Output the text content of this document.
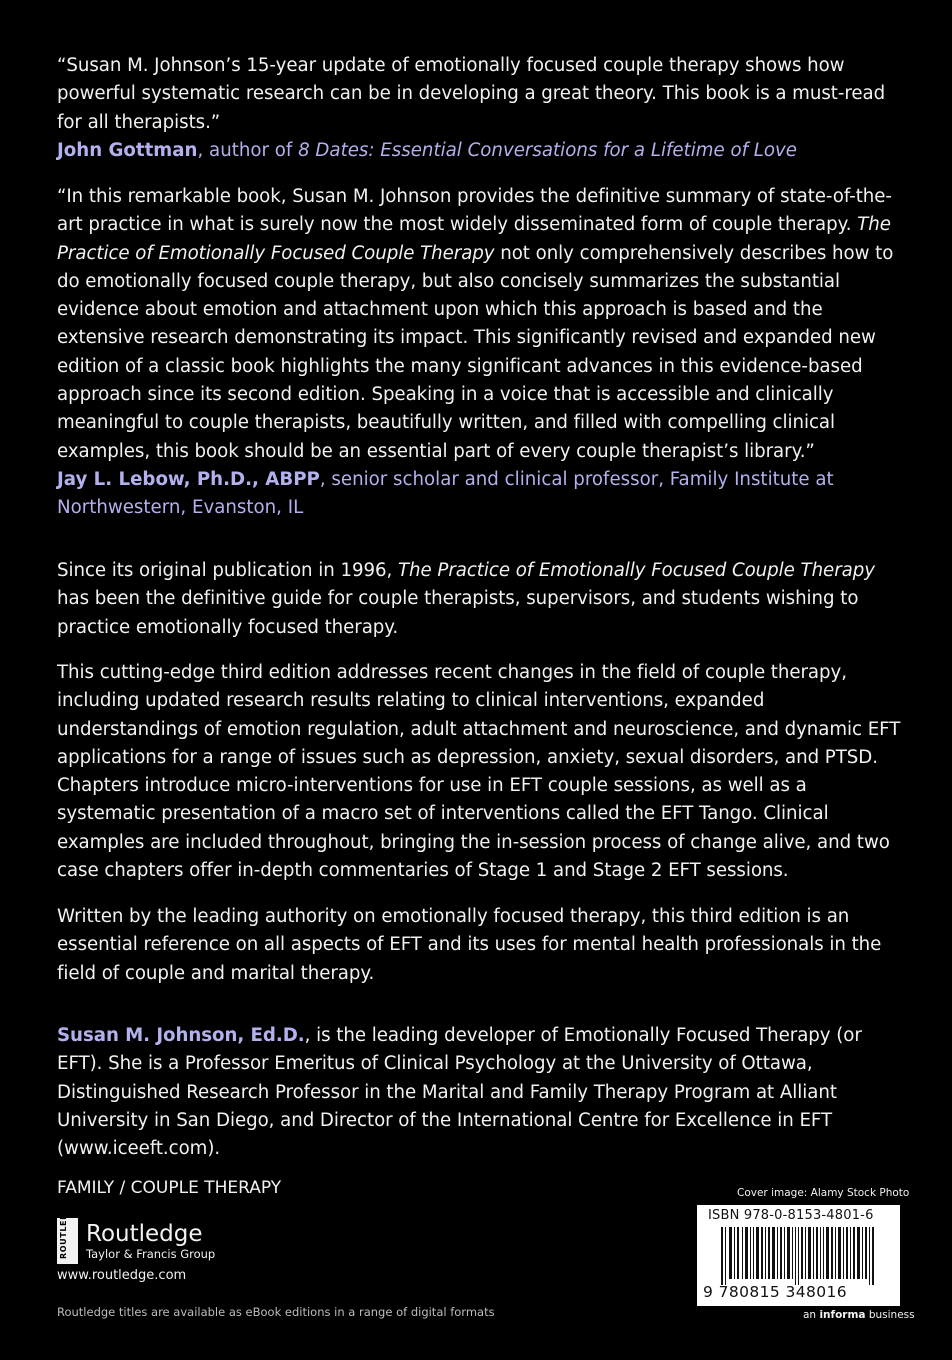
“Susan M. Johnson’s 15-year update of emotionally focused couple therapy shows how powerful systematic research can be in developing a great theory. This book is a must-read for all therapists.”

John Gottman, author of 8 Dates: Essential Conversations for a Lifetime of Love

“In this remarkable book, Susan M. Johnson provides the definitive summary of state-of-the-art practice in what is surely now the most widely disseminated form of couple therapy. The Practice of Emotionally Focused Couple Therapy not only comprehensively describes how to do emotionally focused couple therapy, but also concisely summarizes the substantial evidence about emotion and attachment upon which this approach is based and the extensive research demonstrating its impact. This significantly revised and expanded new edition of a classic book highlights the many significant advances in this evidence-based approach since its second edition. Speaking in a voice that is accessible and clinically meaningful to couple therapists, beautifully written, and filled with compelling clinical examples, this book should be an essential part of every couple therapist’s library.”

Jay L. Lebow, Ph.D., ABPP, senior scholar and clinical professor, Family Institute at Northwestern, Evanston, IL

Since its original publication in 1996, The Practice of Emotionally Focused Couple Therapy has been the definitive guide for couple therapists, supervisors, and students wishing to practice emotionally focused therapy.

This cutting-edge third edition addresses recent changes in the field of couple therapy, including updated research results relating to clinical interventions, expanded understandings of emotion regulation, adult attachment and neuroscience, and dynamic EFT applications for a range of issues such as depression, anxiety, sexual disorders, and PTSD. Chapters introduce micro-interventions for use in EFT couple sessions, as well as a systematic presentation of a macro set of interventions called the EFT Tango. Clinical examples are included throughout, bringing the in-session process of change alive, and two case chapters offer in-depth commentaries of Stage 1 and Stage 2 EFT sessions.

Written by the leading authority on emotionally focused therapy, this third edition is an essential reference on all aspects of EFT and its uses for mental health professionals in the field of couple and marital therapy.

Susan M. Johnson, Ed.D., is the leading developer of Emotionally Focused Therapy (or EFT). She is a Professor Emeritus of Clinical Psychology at the University of Ottawa, Distinguished Research Professor in the Marital and Family Therapy Program at Alliant University in San Diego, and Director of the International Centre for Excellence in EFT (www.iceeft.com).

FAMILY / COUPLE THERAPY
ROUTLEDGE Routledge
Taylor & Francis Group
www.routledge.com
Routledge titles are available as eBook editions in a range of digital formats
Cover image: Alamy Stock Photo
ISBN 978-0-8153-4801-6
9 780815 348016
an informa business
